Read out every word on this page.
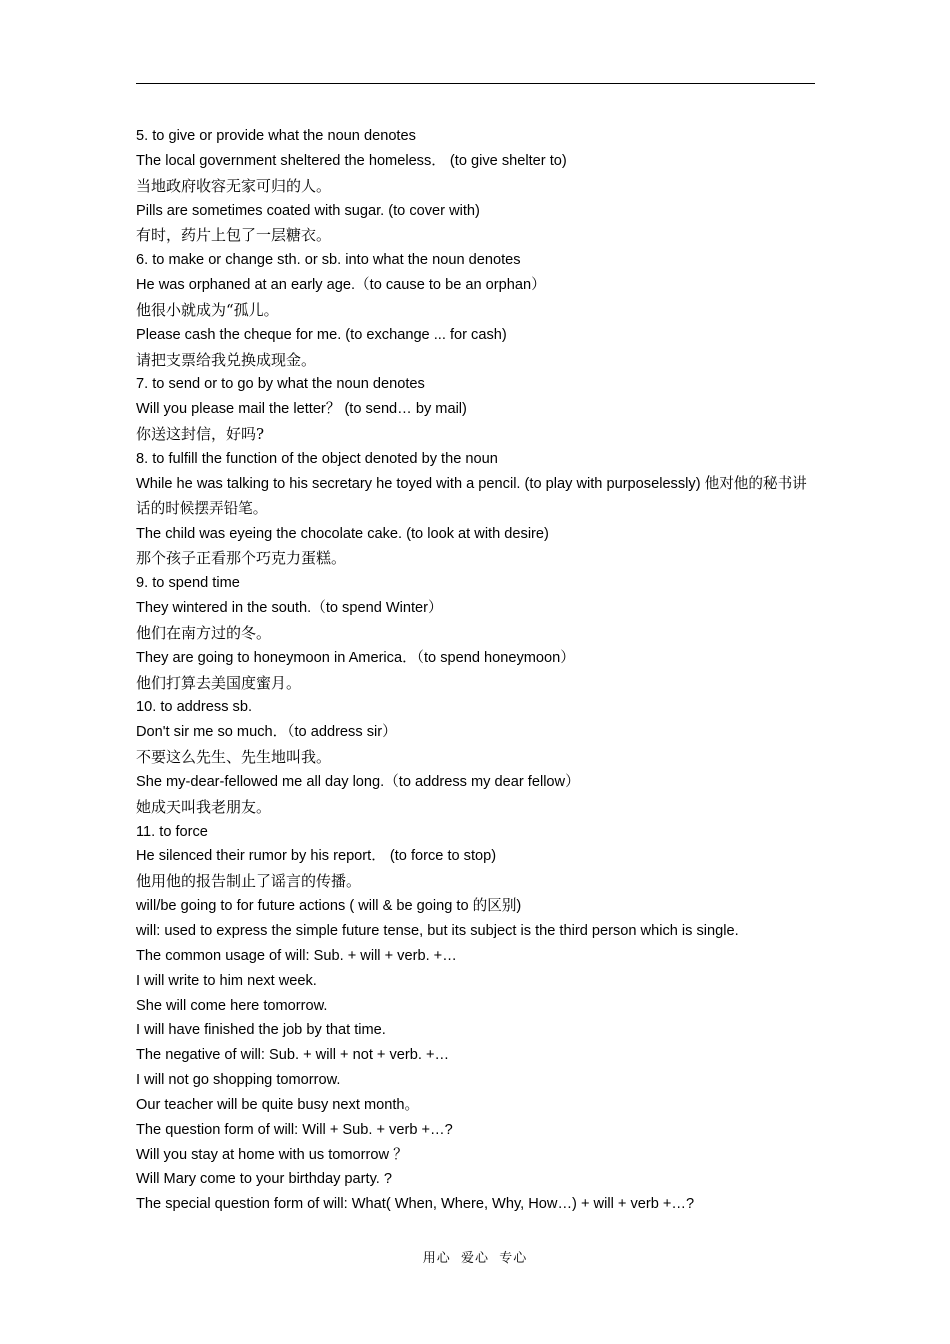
5. to give or provide what the noun denotes
The local government sheltered the homeless． (to give shelter to)
当地政府收容无家可归的人。
Pills are sometimes coated with sugar. (to cover with)
有时，药片上包了一层糖衣。
6. to make or change sth. or sb. into what the noun denotes
He was orphaned at an early age.（to cause to be an orphan）
他很小就成为“孤儿。
Please cash the cheque for me. (to exchange ... for cash)
请把支票给我兑换成现金。
7. to send or to go by what the noun denotes
Will you please mail the letter？ (to send… by mail)
你送这封信，好吗?
8. to fulfill the function of the object denoted by the noun
While he was talking to his secretary he toyed with a pencil. (to play with purposelessly) 他对他的秘书讲话的时候摆弄铅笔。
The child was eyeing the chocolate cake. (to look at with desire)
那个孩子正看那个巧克力蛋糕。
9. to spend time
They wintered in the south.（to spend Winter）
他们在南方过的冬。
They are going to honeymoon in America．（to spend honeymoon）
他们打算去美国度蜜月。
10. to address sb.
Don't sir me so much．（to address sir）
不要这么先生、先生地叫我。
She my-dear-fellowed me all day long.（to address my dear fellow）
她成天叫我老朋友。
11. to force
He silenced their rumor by his report． (to force to stop)
他用他的报告制止了谣言的传播。
will/be going to for future actions ( will & be going to 的区别)
will: used to express the simple future tense, but its subject is the third person which is single.
The common usage of will: Sub. + will + verb. +…
I will write to him next week.
She will come here tomorrow.
I will have finished the job by that time.
The negative of will: Sub. + will + not + verb. +…
I will not go shopping tomorrow.
Our teacher will be quite busy next month。
The question form of will: Will + Sub. + verb +…?
Will you stay at home with us tomorrow ？
Will Mary come to your birthday party. ?
The special question form of will: What( When, Where, Why, How…) + will + verb +…?
用心  爱心  专心
